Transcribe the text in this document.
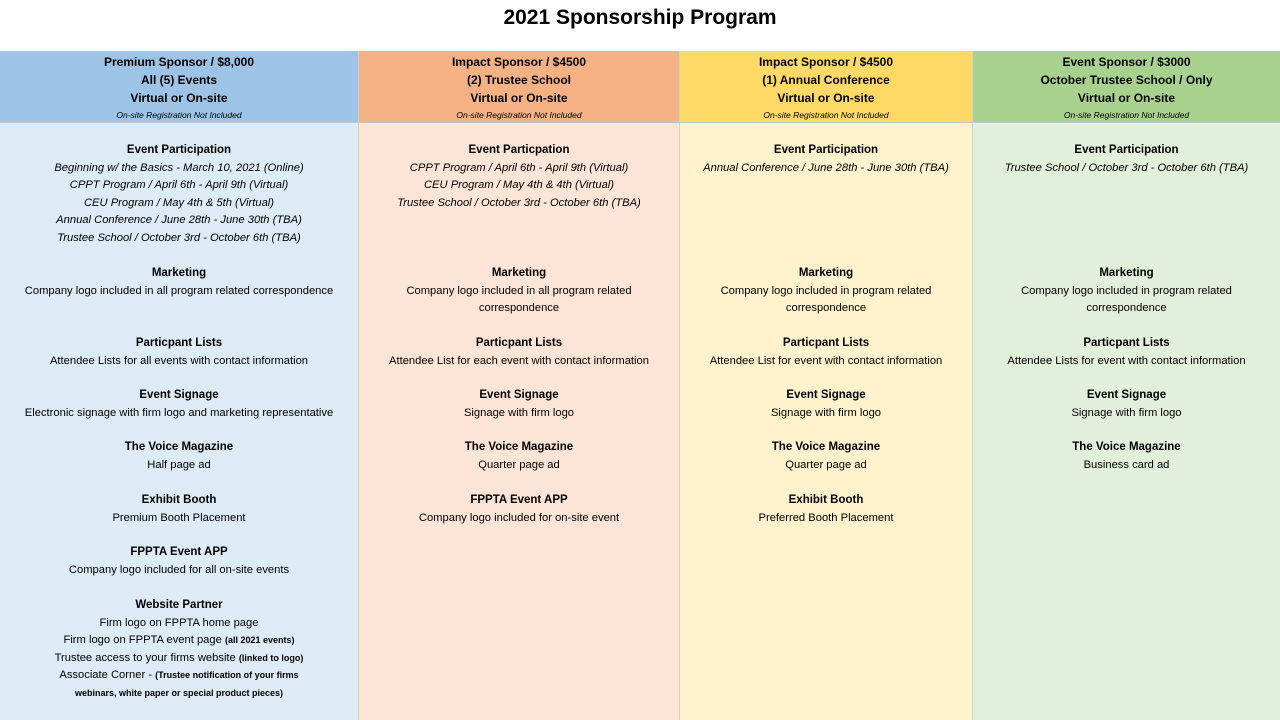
2021 Sponsorship Program
Premium Sponsor / $8,000
All (5) Events
Virtual or On-site
On-site Registration Not Included
Event Participation
Beginning w/ the Basics - March 10, 2021 (Online)
CPPT Program / April 6th - April 9th (Virtual)
CEU Program / May 4th & 5th (Virtual)
Annual Conference / June 28th - June 30th (TBA)
Trustee School / October 3rd - October 6th (TBA)
Marketing
Company logo included in all program related correspondence
Particpant Lists
Attendee Lists for all events with contact information
Event Signage
Electronic signage with firm logo and marketing representative
The Voice Magazine
Half page ad
Exhibit Booth
Premium Booth Placement
FPPTA Event APP
Company logo included for all on-site events
Website Partner
Firm logo on FPPTA home page
Firm logo on FPPTA event page (all 2021 events)
Trustee access to your firms website (linked to logo)
Associate Corner - (Trustee notification of your firms
webinars, white paper or special product pieces)
Impact Sponsor / $4500
(2) Trustee School
Virtual or On-site
On-site Registration Not Included
Event Particpation
CPPT Program / April 6th - April 9th (Virtual)
CEU Program / May 4th & 4th (Virtual)
Trustee School / October 3rd - October 6th (TBA)
Marketing
Company logo included in all program related
correspondence
Particpant Lists
Attendee List for each event with contact information
Event Signage
Signage with firm logo
The Voice Magazine
Quarter page ad
FPPTA Event APP
Company logo included for on-site event
Impact Sponsor / $4500
(1) Annual Conference
Virtual or On-site
On-site Registration Not Included
Event Participation
Annual Conference / June 28th - June 30th (TBA)
Marketing
Company logo included in program related
correspondence
Particpant Lists
Attendee List for event with contact information
Event Signage
Signage with firm logo
The Voice Magazine
Quarter page ad
Exhibit Booth
Preferred Booth Placement
Event Sponsor / $3000
October Trustee School / Only
Virtual or On-site
On-site Registration Not Included
Event Participation
Trustee School / October 3rd - October 6th (TBA)
Marketing
Company logo included in program related
correspondence
Particpant Lists
Attendee Lists for event with contact information
Event Signage
Signage with firm logo
The Voice Magazine
Business card ad
